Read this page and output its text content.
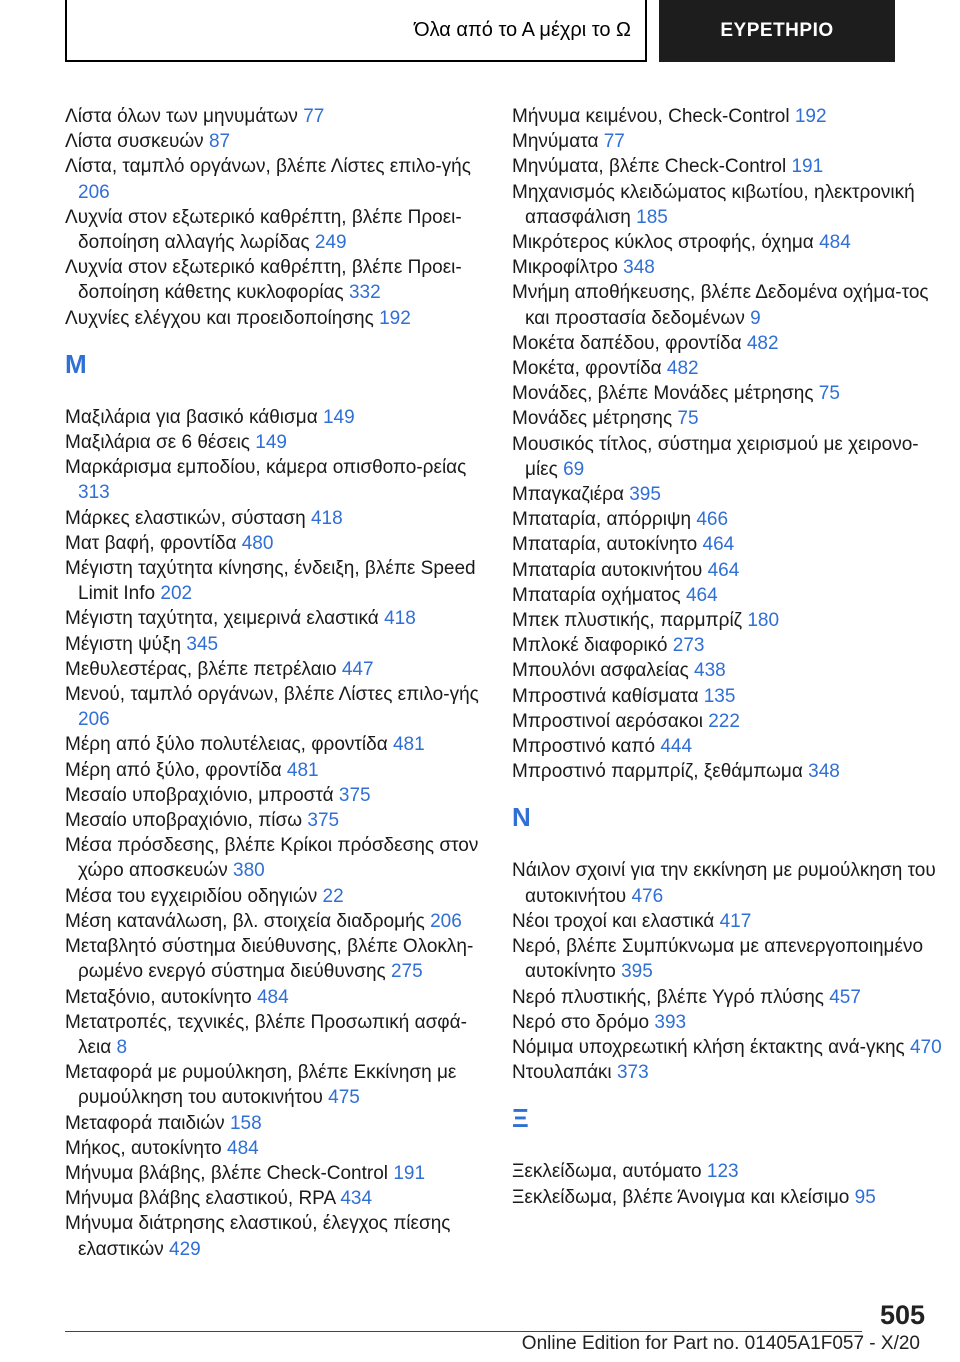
Όλα από το Α μέχρι το Ω	ΕΥΡΕΤΗΡΙΟ

Λίστα όλων των μηνυμάτων 77

Λίστα συσκευών 87

Λίστα, ταμπλό οργάνων, βλέπε Λίστες επιλο-γής 206

Λυχνία στον εξωτερικό καθρέπτη, βλέπε Προει-δοποίηση αλλαγής λωρίδας 249

Λυχνία στον εξωτερικό καθρέπτη, βλέπε Προει-δοποίηση κάθετης κυκλοφορίας 332

Λυχνίες ελέγχου και προειδοποίησης 192

M

Μαξιλάρια για βασικό κάθισμα 149

Μαξιλάρια σε 6 θέσεις 149

Μαρκάρισμα εμποδίου, κάμερα οπισθοπο-ρείας 313

Μάρκες ελαστικών, σύσταση 418

Ματ βαφή, φροντίδα 480

Μέγιστη ταχύτητα κίνησης, ένδειξη, βλέπε Speed Limit Info 202

Μέγιστη ταχύτητα, χειμερινά ελαστικά 418

Μέγιστη ψύξη 345

Μεθυλεστέρας, βλέπε πετρέλαιο 447

Μενού, ταμπλό οργάνων, βλέπε Λίστες επιλο-γής 206

Μέρη από ξύλο πολυτέλειας, φροντίδα 481

Μέρη από ξύλο, φροντίδα 481

Μεσαίο υποβραχιόνιο, μπροστά 375

Μεσαίο υποβραχιόνιο, πίσω 375

Μέσα πρόσδεσης, βλέπε Κρίκοι πρόσδεσης στον χώρο αποσκευών 380

Μέσα του εγχειριδίου οδηγιών 22

Μέση κατανάλωση, βλ. στοιχεία διαδρομής 206

Μεταβλητό σύστημα διεύθυνσης, βλέπε Ολοκλη-ρωμένο ενεργό σύστημα διεύθυνσης 275

Μεταξόνιο, αυτοκίνητο 484

Μετατροπές, τεχνικές, βλέπε Προσωπική ασφά-λεια 8

Μεταφορά με ρυμούλκηση, βλέπε Εκκίνηση με ρυμούλκηση του αυτοκινήτου 475

Μεταφορά παιδιών 158

Μήκος, αυτοκίνητο 484

Μήνυμα βλάβης, βλέπε Check-Control 191

Μήνυμα βλάβης ελαστικού, RPA 434

Μήνυμα διάτρησης ελαστικού, έλεγχος πίεσης ελαστικών 429

Μήνυμα κειμένου, Check-Control 192

Μηνύματα 77

Μηνύματα, βλέπε Check-Control 191

Μηχανισμός κλειδώματος κιβωτίου, ηλεκτρονική απασφάλιση 185

Μικρότερος κύκλος στροφής, όχημα 484

Μικροφίλτρο 348

Μνήμη αποθήκευσης, βλέπε Δεδομένα οχήμα-τος και προστασία δεδομένων 9

Μοκέτα δαπέδου, φροντίδα 482

Μοκέτα, φροντίδα 482

Μονάδες, βλέπε Μονάδες μέτρησης 75

Μονάδες μέτρησης 75

Μουσικός τίτλος, σύστημα χειρισμού με χειρονο-μίες 69

Μπαγκαζιέρα 395

Μπαταρία, απόρριψη 466

Μπαταρία, αυτοκίνητο 464

Μπαταρία αυτοκινήτου 464

Μπαταρία οχήματος 464

Μπεκ πλυστικής, παρμπρίζ 180

Μπλοκέ διαφορικό 273

Μπουλόνι ασφαλείας 438

Μπροστινά καθίσματα 135

Μπροστινοί αερόσακοι 222

Μπροστινό καπό 444

Μπροστινό παρμπρίζ, ξεθάμπωμα 348

N

Νάιλον σχοινί για την εκκίνηση με ρυμούλκηση του αυτοκινήτου 476

Νέοι τροχοί και ελαστικά 417

Νερό, βλέπε Συμπύκνωμα με απενεργοποιημένο αυτοκίνητο 395

Νερό πλυστικής, βλέπε Υγρό πλύσης 457

Νερό στο δρόμο 393

Νόμιμα υποχρεωτική κλήση έκτακτης ανά-γκης 470

Ντουλαπάκι 373

Ξ

Ξεκλείδωμα, αυτόματο 123

Ξεκλείδωμα, βλέπε Άνοιγμα και κλείσιμο 95

505
Online Edition for Part no. 01405A1F057 - X/20
